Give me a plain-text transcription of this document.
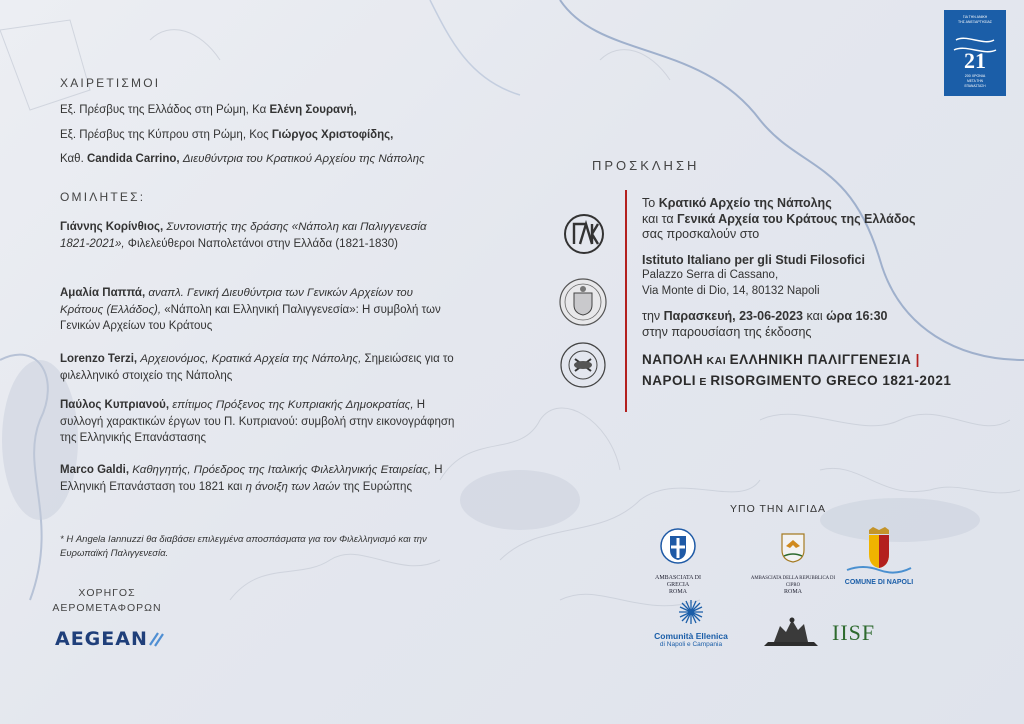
ΓΙΑ ΤΗΝ ΑΝΙΚΗ
ΤΗΣ ΑΝΕΞΑΡΤΗΣΙΑΣ
21
200 ΧΡΟΝΙΑ
ΜΕΤΑ ΤΗΝ
ΕΠΑΝΑΣΤΑΣΗ
ΧΑΙΡΕΤΙΣΜΟΙ
Εξ. Πρέσβυς της Ελλάδος στη Ρώμη, Κα Ελένη Σουρανή,
Εξ. Πρέσβυς της Κύπρου στη Ρώμη, Κος Γιώργος Χριστοφίδης,
Καθ. Candida Carrino, Διευθύντρια του Κρατικού Αρχείου της Νάπολης
ΟΜΙΛΗΤΕΣ:
Γιάννης Κορίνθιος, Συντονιστής της δράσης «Νάπολη και Παλιγγενεσία 1821-2021», Φιλελεύθεροι Ναπολετάνοι στην Ελλάδα (1821-1830)
Αμαλία Παππά, αναπλ. Γενική Διευθύντρια των Γενικών Αρχείων του Κράτους (Ελλάδος), «Νάπολη και Ελληνική Παλιγγενεσία»: Η συμβολή των Γενικών Αρχείων του Κράτους
Lorenzo Terzi, Αρχειονόμος, Κρατικά Αρχεία της Νάπολης, Σημειώσεις για το φιλελληνικό στοιχείο της Νάπολης
Παύλος Κυπριανού, επίτιμος Πρόξενος της Κυπριακής Δημοκρατίας, Η συλλογή χαρακτικών έργων του Π. Κυπριανού: συμβολή στην εικονογράφηση της Ελληνικής Επανάστασης
Marco Galdi, Καθηγητής, Πρόεδρος της Ιταλικής Φιλελληνικής Εταιρείας, Η Ελληνική Επανάσταση του 1821 και η άνοιξη των λαών της Ευρώπης
* Η Angela Iannuzzi θα διαβάσει επιλεγμένα αποσπάσματα για τον Φιλελληνισμό και την Ευρωπαϊκή Παλιγγενεσία.
ΧΟΡΗΓΟΣ
ΑΕΡΟΜΕΤΑΦΟΡΩΝ
AEGEAN
ΠΡΟΣΚΛΗΣΗ
Το Κρατικό Αρχείο της Νάπολης
και τα Γενικά Αρχεία του Κράτους της Ελλάδος
σας προσκαλούν στο
Istituto Italiano per gli Studi Filosofici
Palazzo Serra di Cassano,
Via Monte di Dio, 14, 80132 Napoli
την Παρασκευή, 23-06-2023 και ώρα 16:30
στην παρουσίαση της έκδοσης
ΝΑΠΟΛΗ ΚΑΙ ΕΛΛΗΝΙΚΗ ΠΑΛΙΓΓΕΝΕΣΙΑ |
NAPOLI E RISORGIMENTO GRECO 1821-2021
ΥΠΟ ΤΗΝ ΑΙΓΙΔΑ
AMBASCIATA DI GRECIA
ROMA
AMBASCIATA DELLA REPUBBLICA DI CIPRO
ROMA
COMUNE DI NAPOLI
Comunità Ellenica
di Napoli e Campania	IISF
